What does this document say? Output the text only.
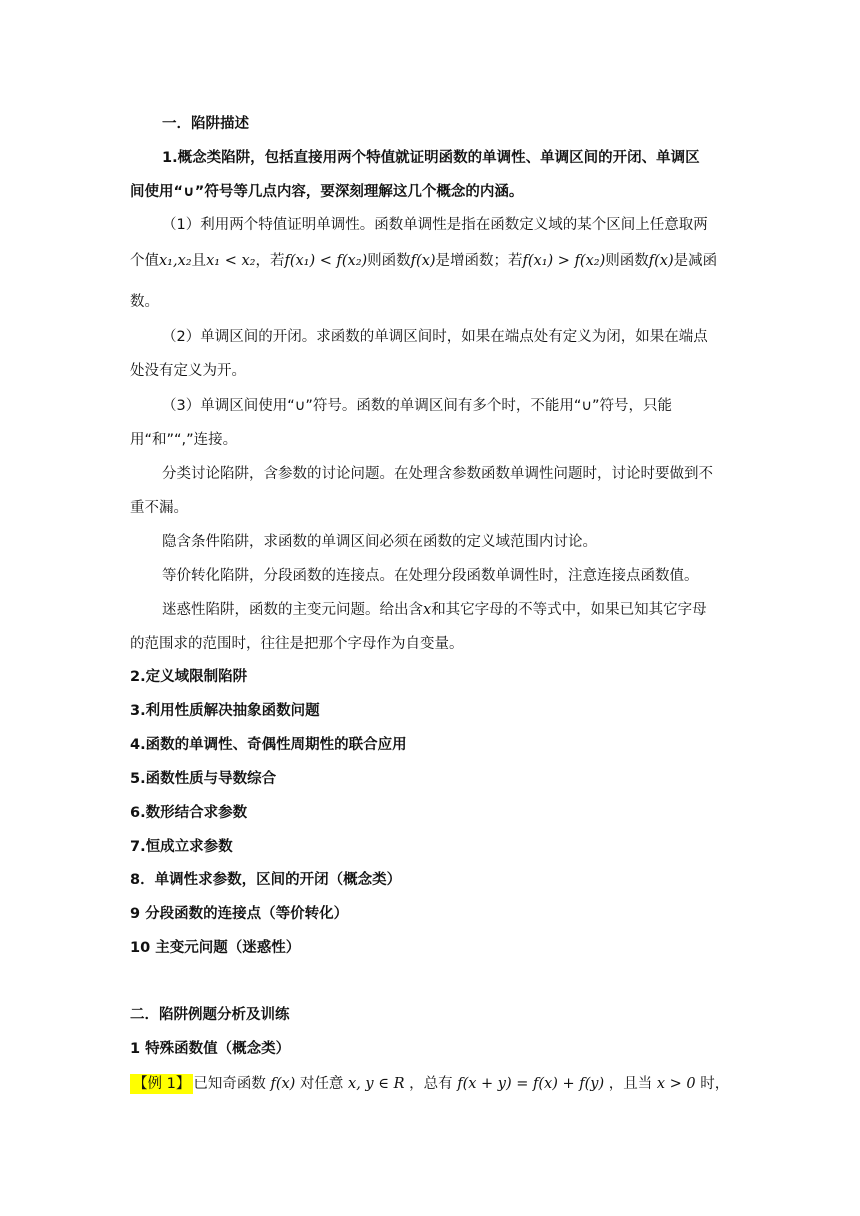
一．陷阱描述
1.概念类陷阱，包括直接用两个特值就证明函数的单调性、单调区间的开闭、单调区
间使用“∪”符号等几点内容，要深刻理解这几个概念的内涵。
（1）利用两个特值证明单调性。函数单调性是指在函数定义域的某个区间上任意取两
个值x₁,x₂且x₁ < x₂，若f(x₁) < f(x₂)则函数f(x)是增函数；若f(x₁) > f(x₂)则函数f(x)是减函
数。
（2）单调区间的开闭。求函数的单调区间时，如果在端点处有定义为闭，如果在端点
处没有定义为开。
（3）单调区间使用“∪”符号。函数的单调区间有多个时，不能用“∪”符号，只能
用“和”“,”连接。
分类讨论陷阱，含参数的讨论问题。在处理含参数函数单调性问题时，讨论时要做到不
重不漏。
隐含条件陷阱，求函数的单调区间必须在函数的定义域范围内讨论。
等价转化陷阱，分段函数的连接点。在处理分段函数单调性时，注意连接点函数值。
迷惑性陷阱，函数的主变元问题。给出含x和其它字母的不等式中，如果已知其它字母
的范围求的范围时，往往是把那个字母作为自变量。
2.定义域限制陷阱
3.利用性质解决抽象函数问题
4.函数的单调性、奇偶性周期性的联合应用
5.函数性质与导数综合
6.数形结合求参数
7.恒成立求参数
8．单调性求参数，区间的开闭（概念类）
9 分段函数的连接点（等价转化）
10 主变元问题（迷惑性）
二．陷阱例题分析及训练
1 特殊函数值（概念类）
【例 1】 已知奇函数 f(x) 对任意 x, y ∈ R ，总有 f(x + y) = f(x) + f(y) ，且当 x > 0 时，
